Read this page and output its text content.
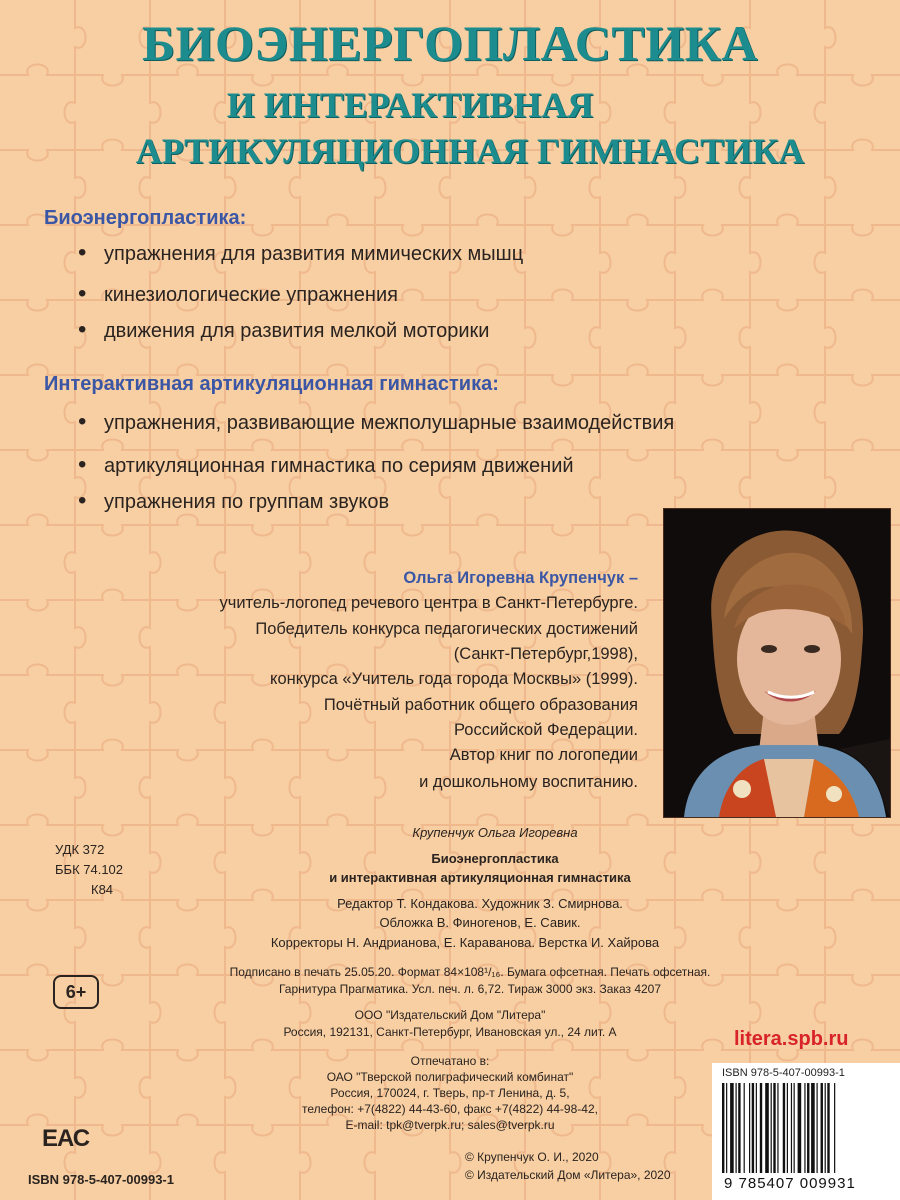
БИОЭНЕРГОПЛАСТИКА
И ИНТЕРАКТИВНАЯ
АРТИКУЛЯЦИОННАЯ ГИМНАСТИКА
Биоэнергопластика:
• упражнения для развития мимических мышц
• кинезиологические упражнения
• движения для развития мелкой моторики
Интерактивная артикуляционная гимнастика:
• упражнения, развивающие межполушарные взаимодействия
• артикуляционная гимнастика по сериям движений
• упражнения по группам звуков
Ольга Игоревна Крупенчук –
учитель-логопед речевого центра в Санкт-Петербурге.
Победитель конкурса педагогических достижений
(Санкт-Петербург,1998),
конкурса «Учитель года города Москвы» (1999).
Почётный работник общего образования
Российской Федерации.
Автор книг по логопедии
и дошкольному воспитанию.
УДК 372
ББК 74.102
К84
Крупенчук Ольга Игоревна
Биоэнергопластика
и интерактивная артикуляционная гимнастика
Редактор Т. Кондакова. Художник З. Смирнова.
Обложка В. Финогенов, Е. Савик.
Корректоры Н. Андрианова, Е. Караванова. Верстка И. Хайрова
Подписано в печать 25.05.20. Формат 84×108¹/₁₆. Бумага офсетная. Печать офсетная.
Гарнитура Прагматика. Усл. печ. л. 6,72. Тираж 3000 экз. Заказ 4207
ООО "Издательский Дом "Литера"
Россия, 192131, Санкт-Петербург, Ивановская ул., 24 лит. А
Отпечатано в:
ОАО "Тверской полиграфический комбинат"
Россия, 170024, г. Тверь, пр-т Ленина, д. 5,
телефон: +7(4822) 44-43-60, факс +7(4822) 44-98-42,
E-mail: tpk@tverpk.ru; sales@tverpk.ru
© Крупенчук О. И., 2020
© Издательский Дом «Литера», 2020
6+
ЕАС
ISBN 978-5-407-00993-1
litera.spb.ru
ISBN 978-5-407-00993-1
9 785407 009931
